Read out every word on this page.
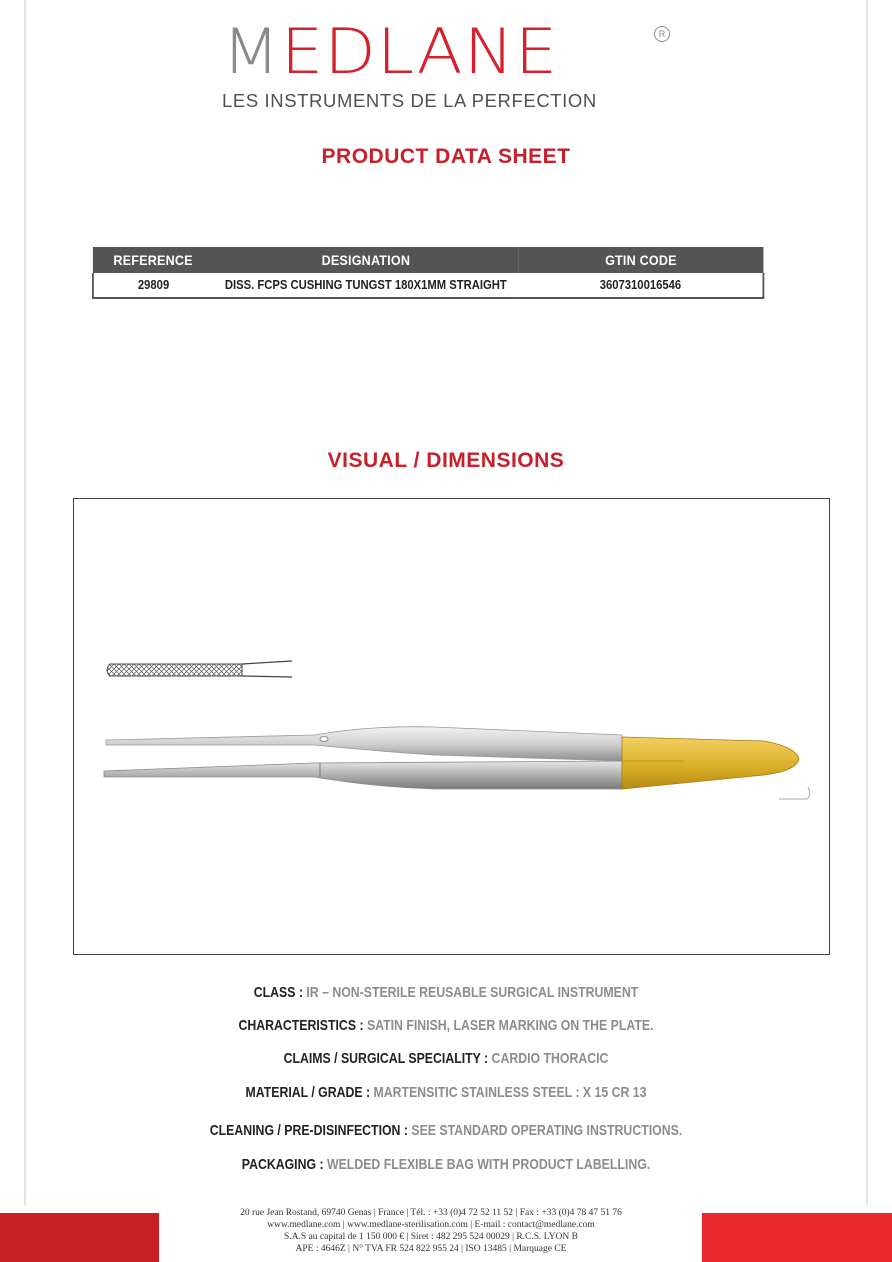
MEDLANE	R
LES INSTRUMENTS DE LA PERFECTION
PRODUCT DATA SHEET
REFERENCE	DESIGNATION	GTIN CODE
29809	DISS. FCPS CUSHING TUNGST 180X1MM STRAIGHT	3607310016546
VISUAL / DIMENSIONS
CLASS : IR – NON-STERILE REUSABLE SURGICAL INSTRUMENT
CHARACTERISTICS : SATIN FINISH, LASER MARKING ON THE PLATE.
CLAIMS / SURGICAL SPECIALITY : CARDIO THORACIC
MATERIAL / GRADE : MARTENSITIC STAINLESS STEEL : X 15 CR 13
CLEANING / PRE-DISINFECTION : SEE STANDARD OPERATING INSTRUCTIONS.
PACKAGING : WELDED FLEXIBLE BAG WITH PRODUCT LABELLING.
20 rue Jean Rostand, 69740 Genas | France | Tél. : +33 (0)4 72 52 11 52 | Fax : +33 (0)4 78 47 51 76
www.medlane.com | www.medlane-sterilisation.com | E-mail : contact@medlane.com
S.A.S au capital de 1 150 000 € | Siret : 482 295 524 00029 | R.C.S. LYON B
APE : 4646Z | N° TVA FR 524 822 955 24 | ISO 13485 | Marquage CE
